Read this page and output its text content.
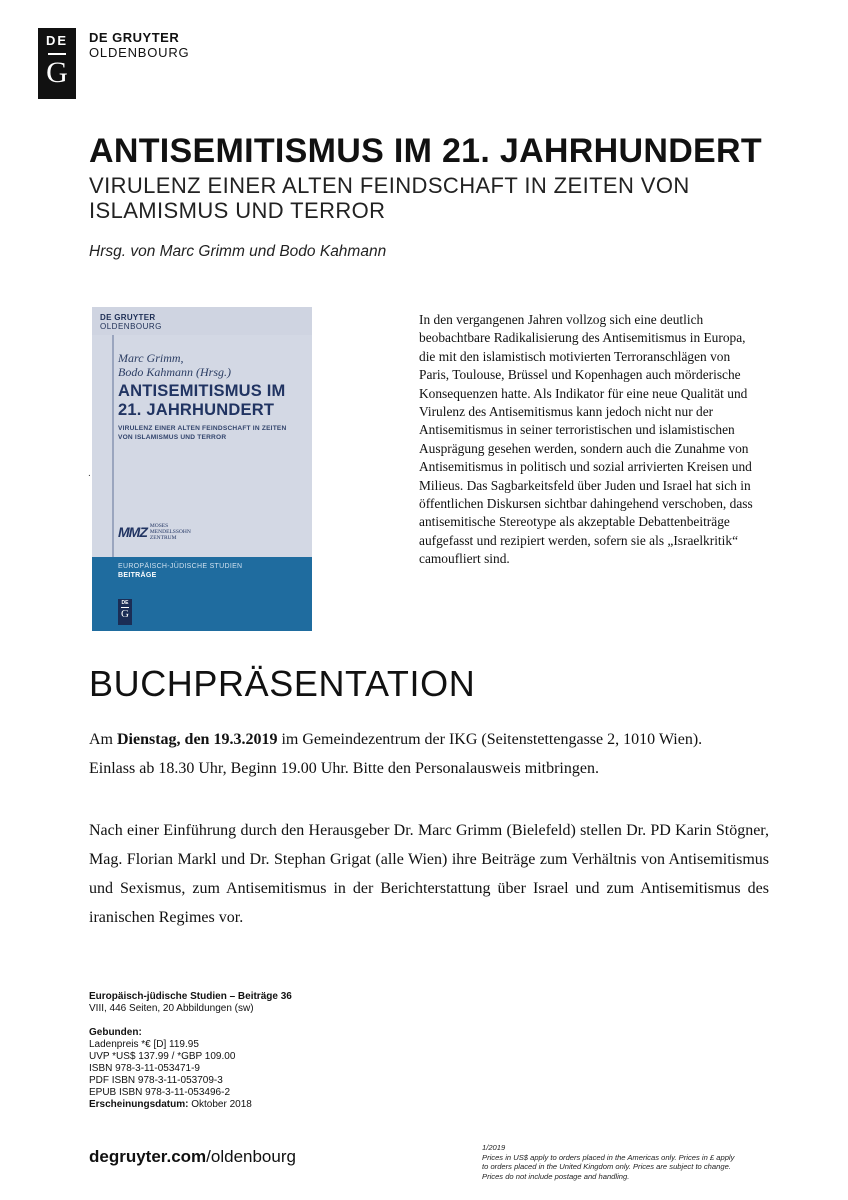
DE
G
DE GRUYTER
OLDENBOURG
ANTISEMITISMUS IM 21. JAHRHUNDERT
VIRULENZ EINER ALTEN FEINDSCHAFT IN ZEITEN VON ISLAMISMUS UND TERROR
Hrsg. von Marc Grimm und Bodo Kahmann
DE GRUYTER
OLDENBOURG
Marc Grimm,
Bodo Kahmann (Hrsg.)
ANTISEMITISMUS IM
21. JAHRHUNDERT
VIRULENZ EINER ALTEN FEINDSCHAFT IN ZEITEN
VON ISLAMISMUS UND TERROR
MMZ MOSES
MENDELSSOHN
ZENTRUM
EUROPÄISCH-JÜDISCHE STUDIEN
BEITRÄGE
DE
G
.
In den vergangenen Jahren vollzog sich eine deutlich beobachtbare Radikalisierung des Antisemitismus in Europa, die mit den islamistisch motivierten Terroranschlägen von Paris, Toulouse, Brüssel und Kopenhagen auch mörderische Konsequenzen hatte. Als Indikator für eine neue Qualität und Virulenz des Antisemitismus kann jedoch nicht nur der Antisemitismus in seiner terroristischen und islamistischen Ausprägung gesehen werden, sondern auch die Zunahme von Antisemitismus in politisch und sozial arrivierten Kreisen und Milieus. Das Sagbarkeitsfeld über Juden und Israel hat sich in öffentlichen Diskursen sichtbar dahingehend verschoben, dass antisemitische Stereotype als akzeptable Debattenbeiträge aufgefasst und rezipiert werden, sofern sie als „Israelkritik“ camoufliert sind.
BUCHPRÄSENTATION
Am Dienstag, den 19.3.2019 im Gemeindezentrum der IKG (Seitenstettengasse 2, 1010 Wien).
Einlass ab 18.30 Uhr, Beginn 19.00 Uhr. Bitte den Personalausweis mitbringen.
Nach einer Einführung durch den Herausgeber Dr. Marc Grimm (Bielefeld) stellen Dr. PD Karin Stögner, Mag. Florian Markl und Dr. Stephan Grigat (alle Wien) ihre Beiträge zum Verhältnis von Antisemitismus und Sexismus, zum Antisemitismus in der Berichterstattung über Israel und zum Antisemitismus des iranischen Regimes vor.
Europäisch-jüdische Studien – Beiträge 36
VIII, 446 Seiten, 20 Abbildungen (sw)
Gebunden:
Ladenpreis *€ [D] 119.95
UVP *US$ 137.99 / *GBP 109.00
ISBN 978-3-11-053471-9
PDF ISBN 978-3-11-053709-3
EPUB ISBN 978-3-11-053496-2
Erscheinungsdatum: Oktober 2018
degruyter.com/oldenbourg	1/2019
Prices in US$ apply to orders placed in the Americas only. Prices in £ apply to orders placed in the United Kingdom only. Prices are subject to change. Prices do not include postage and handling.
